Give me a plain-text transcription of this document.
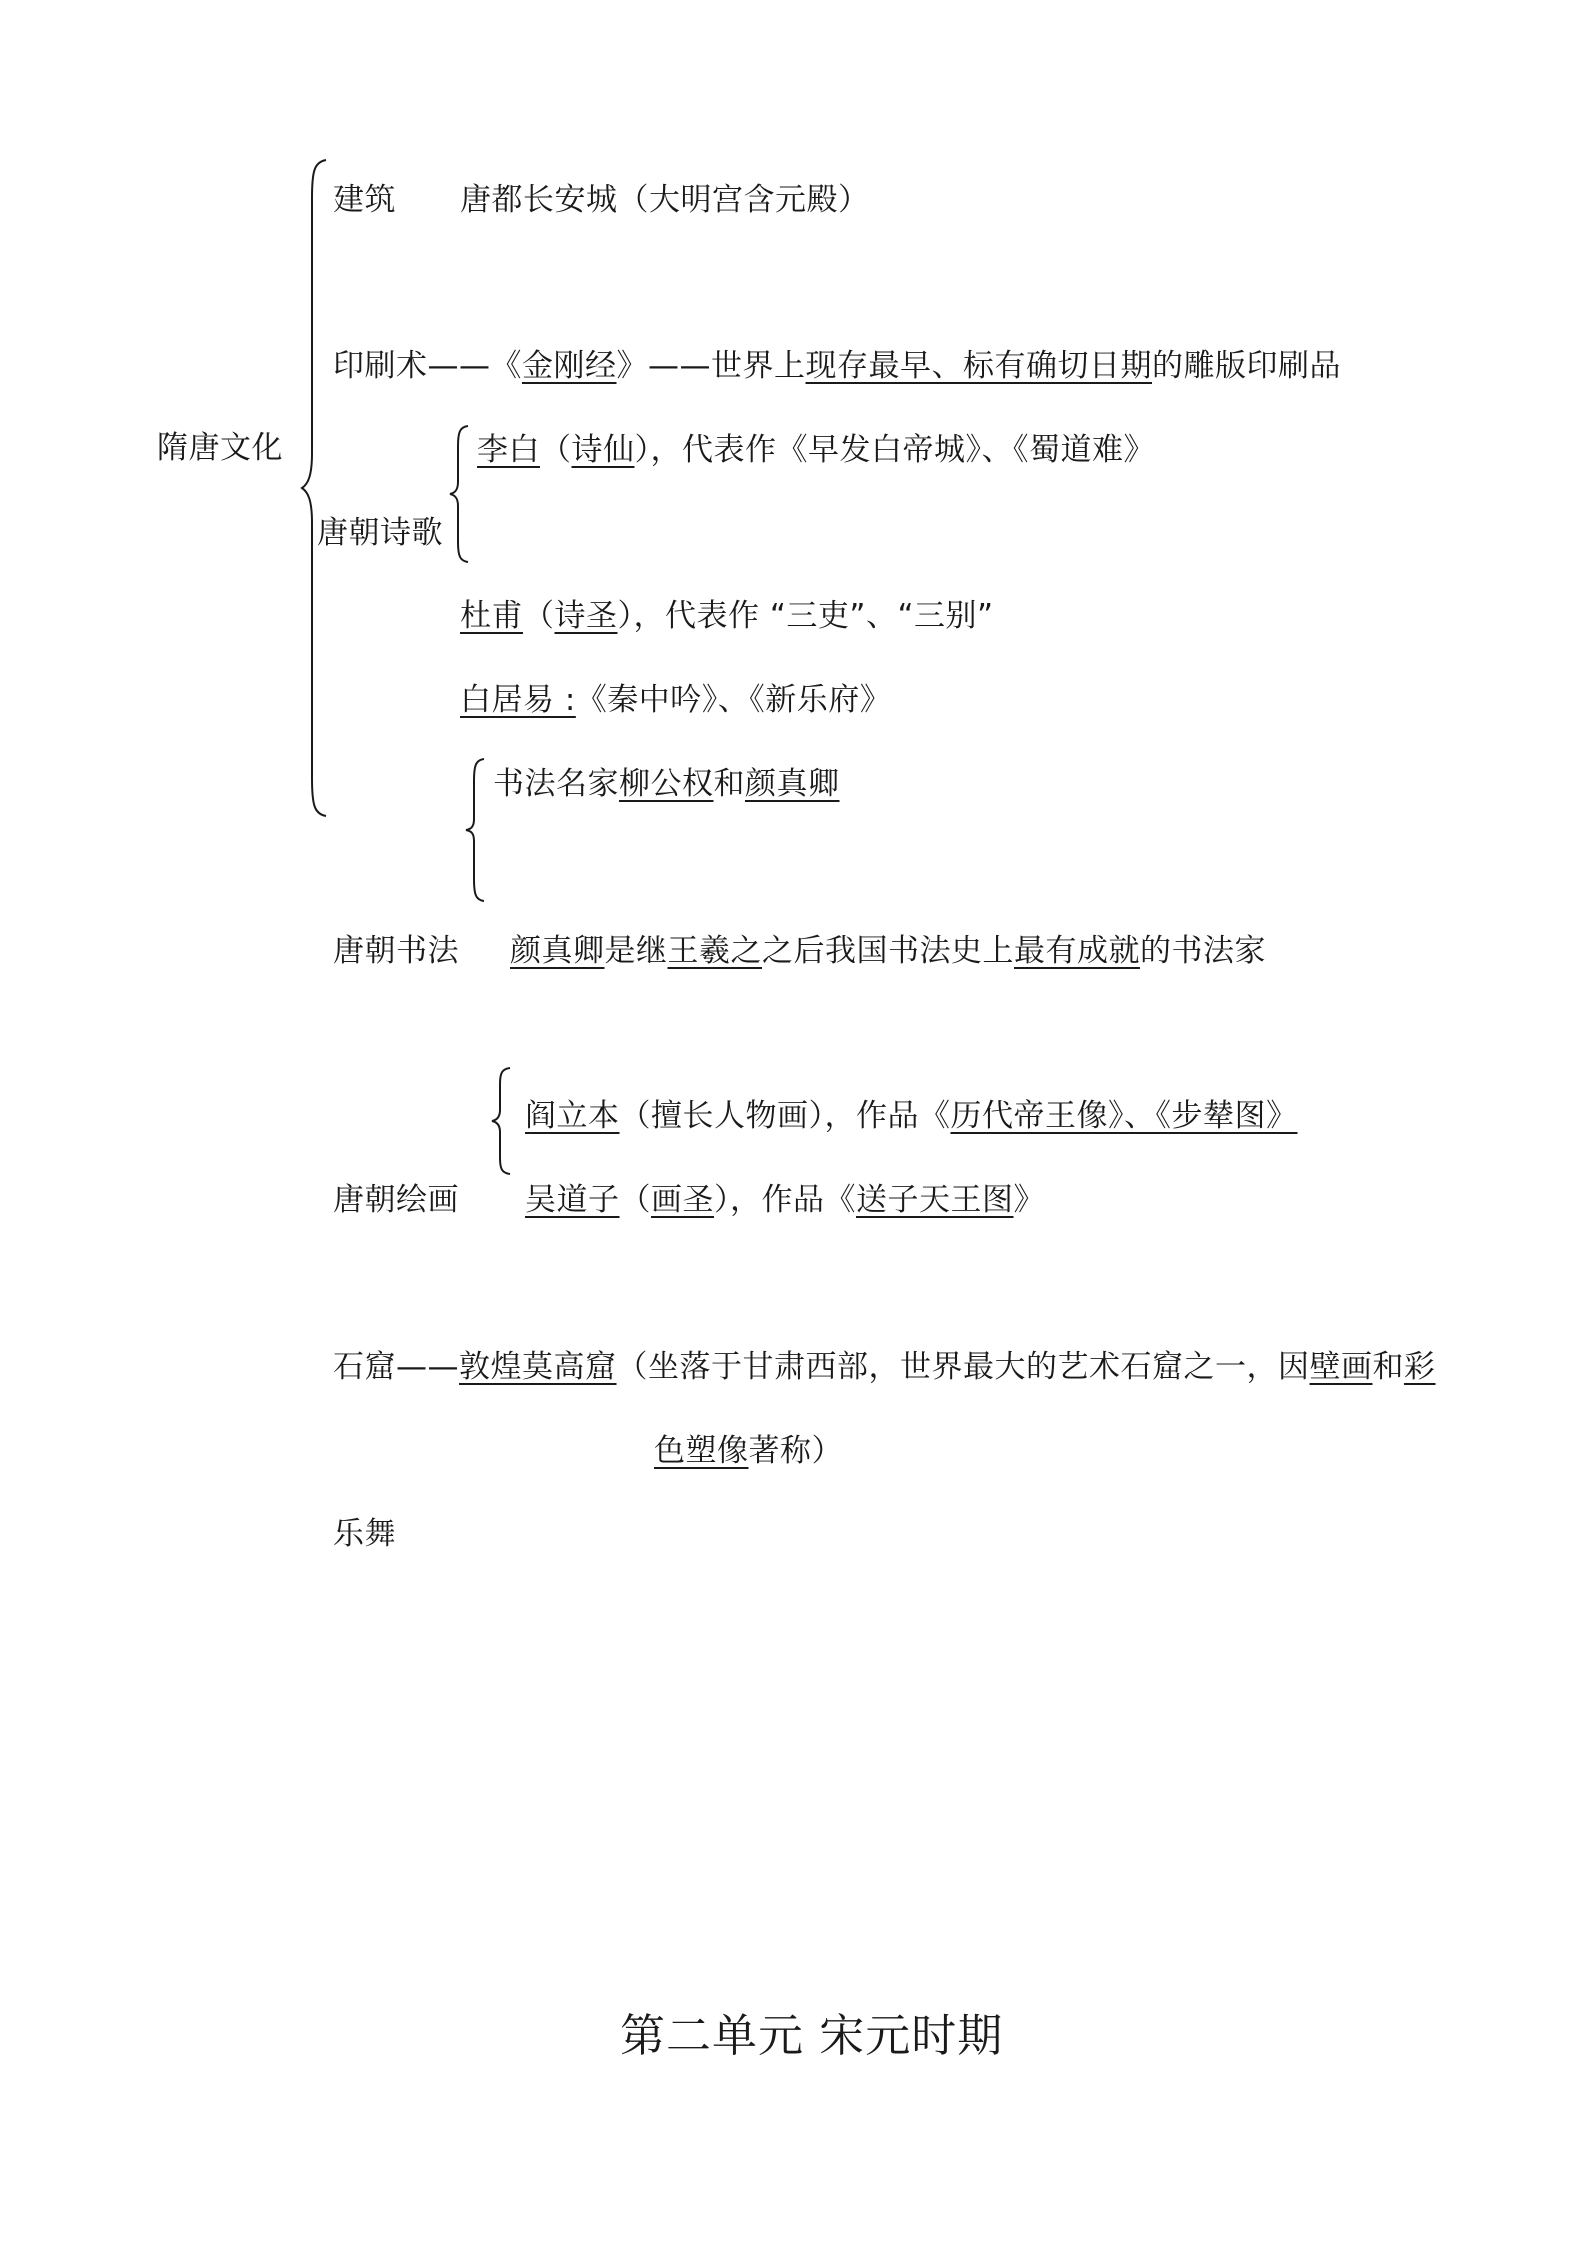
隋唐文化
建筑 唐都长安城（大明宫含元殿）
印刷术——《金刚经》——世界上现存最早、标有确切日期的雕版印刷品
唐朝诗歌
李白（诗仙），代表作《早发白帝城》、《蜀道难》
杜甫（诗圣），代表作 “三吏”、“三别”
白居易 :《秦中吟》、《新乐府》
书法名家柳公权和颜真卿
唐朝书法 颜真卿是继王羲之之后我国书法史上最有成就的书法家
阎立本（擅长人物画），作品《历代帝王像》、《步辇图》
唐朝绘画 吴道子（画圣），作品《送子天王图》
石窟——敦煌莫高窟（坐落于甘肃西部，世界最大的艺术石窟之一，因壁画和彩
色塑像著称）
乐舞
第二单元 宋元时期
